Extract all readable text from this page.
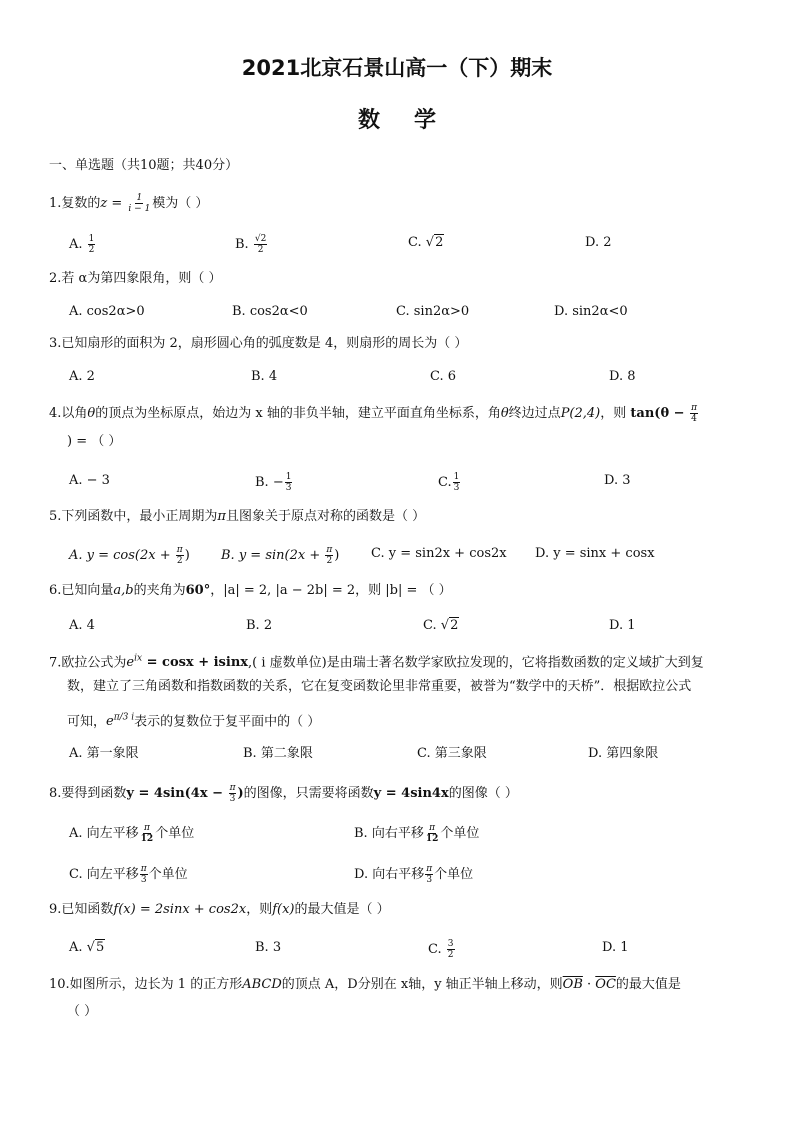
2021北京石景山高一（下）期末
数学
一、单选题（共10题；共40分）
1.复数的$z = \frac{1}{i - 1}$ 模为（ ）
A. $\frac{1}{2}$	B. $\frac{√2}{2}$	C. √2	D. 2
2.若 α为第四象限角，则（ ）
A. cos2α>0	B. cos2α<0	C. sin2α>0	D. sin2α<0
3.已知扇形的面积为 2，扇形圆心角的弧度数是 4，则扇形的周长为（ ）
A. 2	B. 4	C. 6	D. 8
4.以角θ的顶点为坐标原点，始边为 x 轴的非负半轴，建立平面直角坐标系，角θ终边过点P(2,4)，则 $\tan(\theta - \frac{\pi}{4}$
) = （ ）
A. − 3	B. − $\frac{1}{3}$	C. $\frac{1}{3}$	D. 3
5.下列函数中，最小正周期为π且图象关于原点对称的函数是（ ）
A. $y = \cos(2x + \frac{\pi}{2}$ ) B. $y = \sin(2x + \frac{\pi}{2}$ ) C. y = sin2x + cos2x D. y = sinx + cosx
6.已知向量a,b的夹角为60°，|a| = 2, |a − 2b| = 2，则 |b| = （ ）
A. 4	B. 2	C. √2	D. 1
7.欧拉公式为$e^{ix} = \cos x + isinx$,( i 虚数单位)是由瑞士著名数学家欧拉发现的，它将指数函数的定义域扩大到复
数，建立了三角函数和指数函数的关系，它在复变函数论里非常重要，被誉为“数学中的天桥”．根据欧拉公式
可知，$e^{\pi/3 i}$表示的复数位于复平面中的（ ）
A. 第一象限	B. 第二象限	C. 第三象限	D. 第四象限
8.要得到函数$y = 4\sin(4x - \frac{\pi}{3}$ )的图像，只需要将函数y = 4sin4x的图像（ ）
A. 向左平移 $\frac{\pi}{12}$ 个单位	B. 向右平移 $\frac{\pi}{12}$ 个单位
C. 向左平移 $\frac{\pi}{3}$ 个单位	D. 向右平移 $\frac{\pi}{3}$ 个单位
9.已知函数f(x) = 2sinx + cos2x，则f(x)的最大值是（ ）
A. √5	B. 3	C. $\frac{3}{2}$	D. 1
10.如图所示，边长为 1 的正方形ABCD的顶点 A，D分别在 x轴，y 轴正半轴上移动，则$\overline{OB} \cdot \overline{OC}$的最大值是
（ ）
